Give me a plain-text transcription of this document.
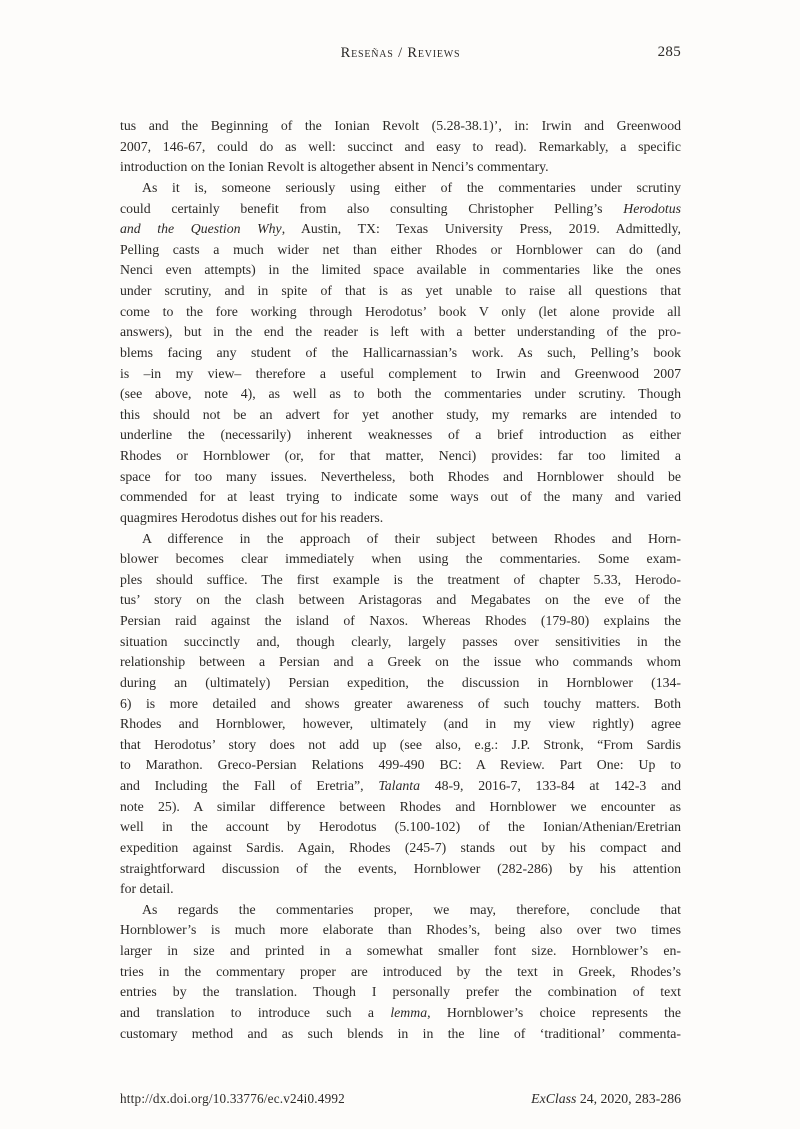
Reseñas / Reviews	285
tus and the Beginning of the Ionian Revolt (5.28-38.1)’, in: Irwin and Greenwood
2007, 146-67, could do as well: succinct and easy to read). Remarkably, a specific
introduction on the Ionian Revolt is altogether absent in Nenci’s commentary.
As it is, someone seriously using either of the commentaries under scrutiny
could certainly benefit from also consulting Christopher Pelling’s Herodotus
and the Question Why, Austin, TX: Texas University Press, 2019. Admittedly,
Pelling casts a much wider net than either Rhodes or Hornblower can do (and
Nenci even attempts) in the limited space available in commentaries like the ones
under scrutiny, and in spite of that is as yet unable to raise all questions that
come to the fore working through Herodotus’ book V only (let alone provide all
answers), but in the end the reader is left with a better understanding of the pro-
blems facing any student of the Hallicarnassian’s work. As such, Pelling’s book
is –in my view– therefore a useful complement to Irwin and Greenwood 2007
(see above, note 4), as well as to both the commentaries under scrutiny. Though
this should not be an advert for yet another study, my remarks are intended to
underline the (necessarily) inherent weaknesses of a brief introduction as either
Rhodes or Hornblower (or, for that matter, Nenci) provides: far too limited a
space for too many issues. Nevertheless, both Rhodes and Hornblower should be
commended for at least trying to indicate some ways out of the many and varied
quagmires Herodotus dishes out for his readers.
A difference in the approach of their subject between Rhodes and Horn-
blower becomes clear immediately when using the commentaries. Some exam-
ples should suffice. The first example is the treatment of chapter 5.33, Herodo-
tus’ story on the clash between Aristagoras and Megabates on the eve of the
Persian raid against the island of Naxos. Whereas Rhodes (179-80) explains the
situation succinctly and, though clearly, largely passes over sensitivities in the
relationship between a Persian and a Greek on the issue who commands whom
during an (ultimately) Persian expedition, the discussion in Hornblower (134-
6) is more detailed and shows greater awareness of such touchy matters. Both
Rhodes and Hornblower, however, ultimately (and in my view rightly) agree
that Herodotus’ story does not add up (see also, e.g.: J.P. Stronk, “From Sardis
to Marathon. Greco-Persian Relations 499-490 BC: A Review. Part One: Up to
and Including the Fall of Eretria”, Talanta 48-9, 2016-7, 133-84 at 142-3 and
note 25). A similar difference between Rhodes and Hornblower we encounter as
well in the account by Herodotus (5.100-102) of the Ionian/Athenian/Eretrian
expedition against Sardis. Again, Rhodes (245-7) stands out by his compact and
straightforward discussion of the events, Hornblower (282-286) by his attention
for detail.
As regards the commentaries proper, we may, therefore, conclude that
Hornblower’s is much more elaborate than Rhodes’s, being also over two times
larger in size and printed in a somewhat smaller font size. Hornblower’s en-
tries in the commentary proper are introduced by the text in Greek, Rhodes’s
entries by the translation. Though I personally prefer the combination of text
and translation to introduce such a lemma, Hornblower’s choice represents the
customary method and as such blends in in the line of ‘traditional’ commenta-
http://dx.doi.org/10.33776/ec.v24i0.4992	ExClass 24, 2020, 283-286
